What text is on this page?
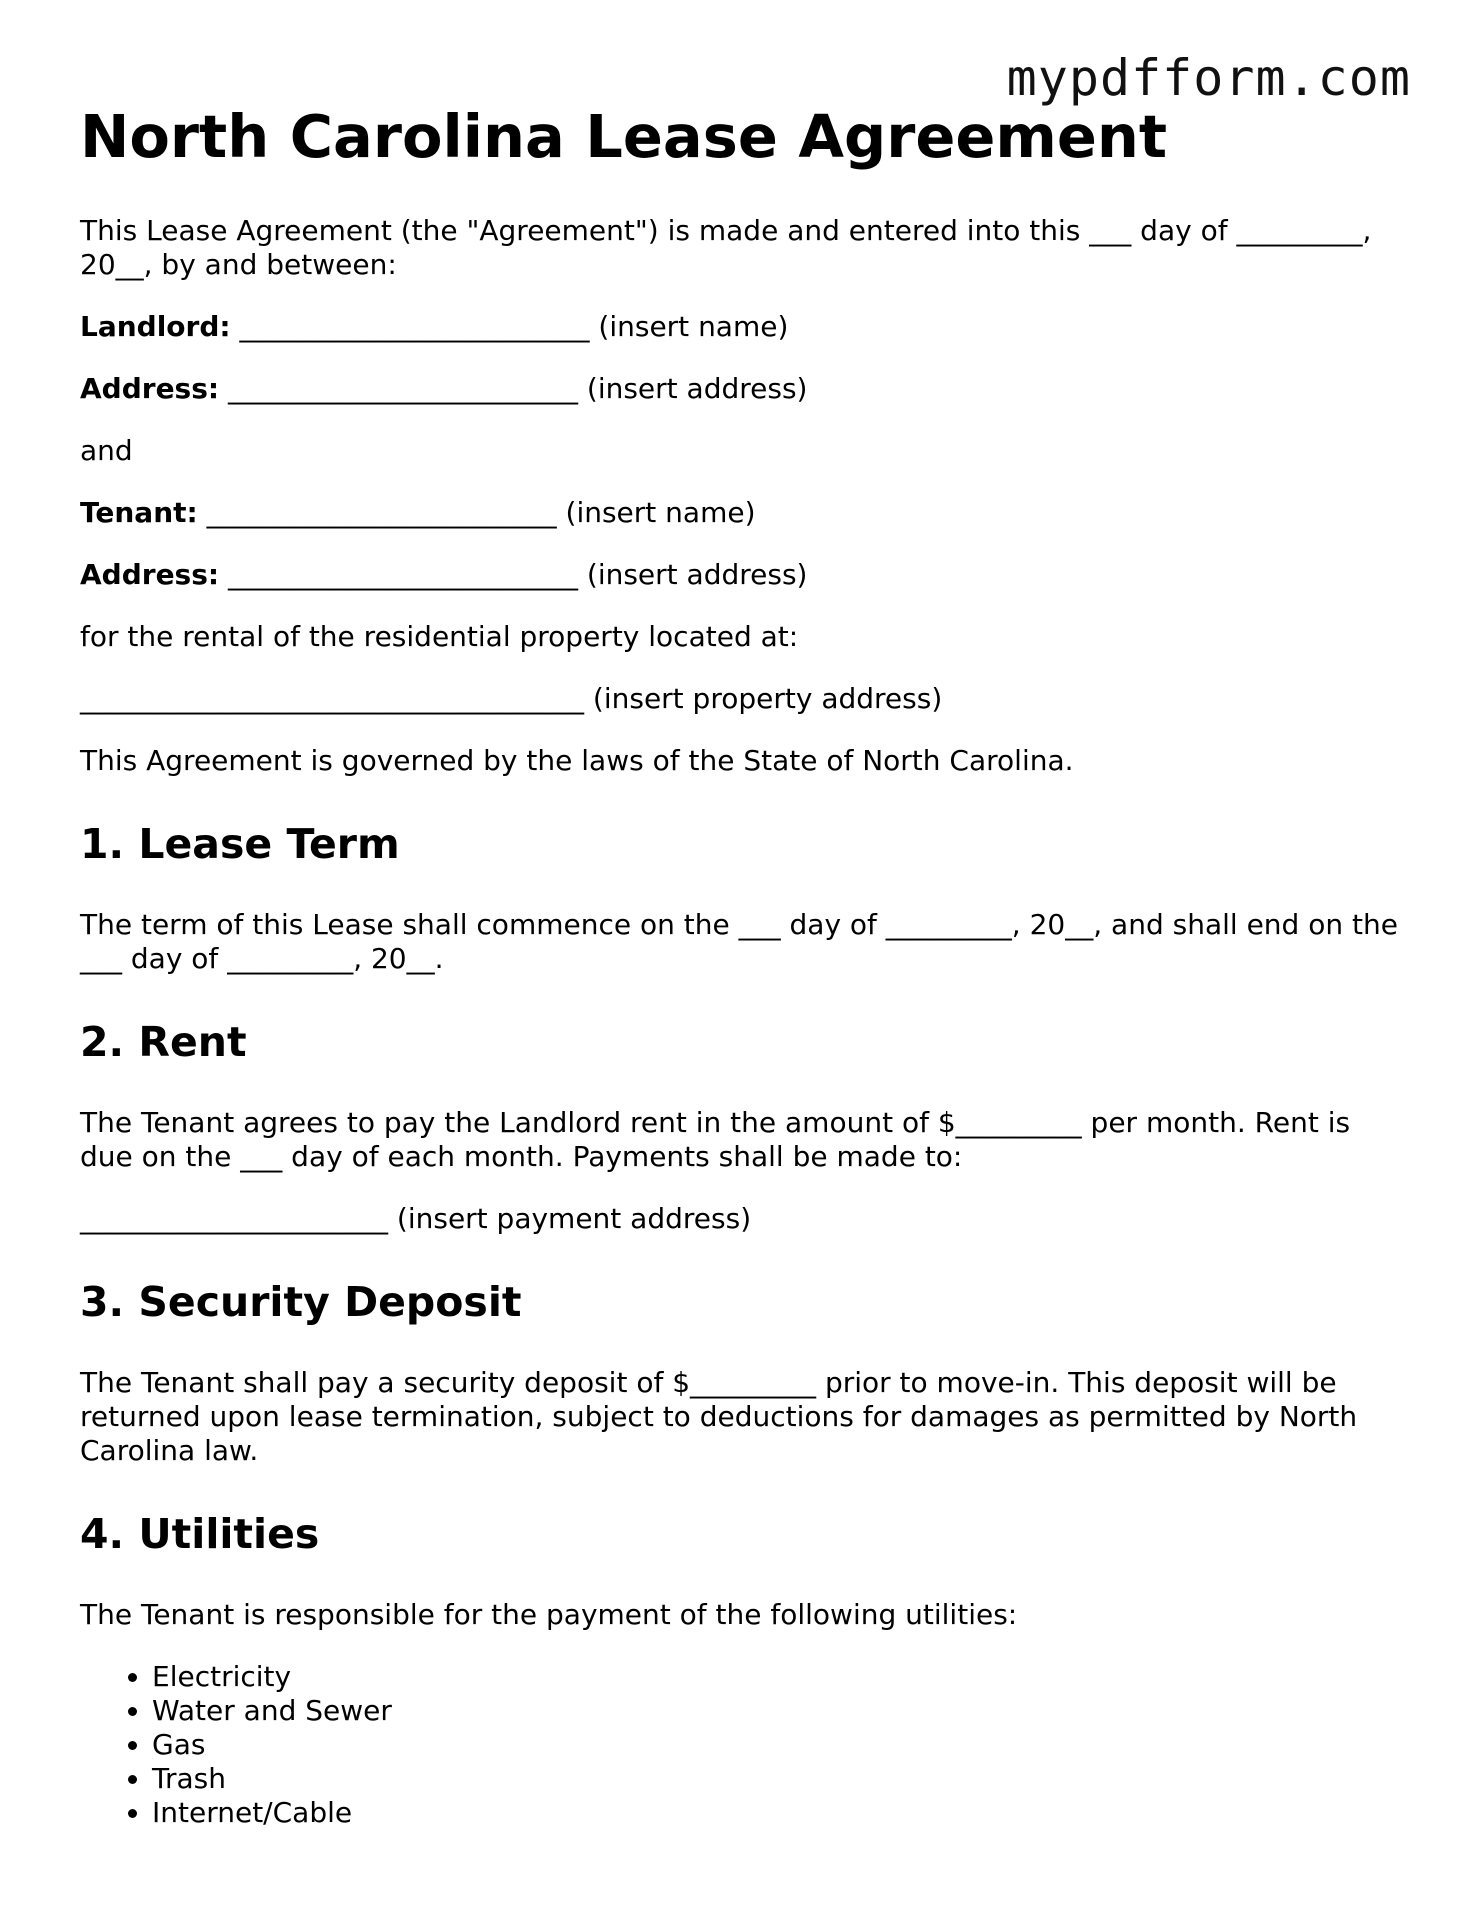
mypdfform.com
North Carolina Lease Agreement

This Lease Agreement (the "Agreement") is made and entered into this ___ day of _________, 20__, by and between:

Landlord: _________________________ (insert name)

Address: _________________________ (insert address)

and

Tenant: _________________________ (insert name)

Address: _________________________ (insert address)

for the rental of the residential property located at:

____________________________________ (insert property address)

This Agreement is governed by the laws of the State of North Carolina.

1. Lease Term

The term of this Lease shall commence on the ___ day of _________, 20__, and shall end on the ___ day of _________, 20__.

2. Rent

The Tenant agrees to pay the Landlord rent in the amount of $_________ per month. Rent is due on the ___ day of each month. Payments shall be made to:

______________________ (insert payment address)

3. Security Deposit

The Tenant shall pay a security deposit of $_________ prior to move-in. This deposit will be returned upon lease termination, subject to deductions for damages as permitted by North Carolina law.

4. Utilities

The Tenant is responsible for the payment of the following utilities:

• Electricity
• Water and Sewer
• Gas
• Trash
• Internet/Cable
